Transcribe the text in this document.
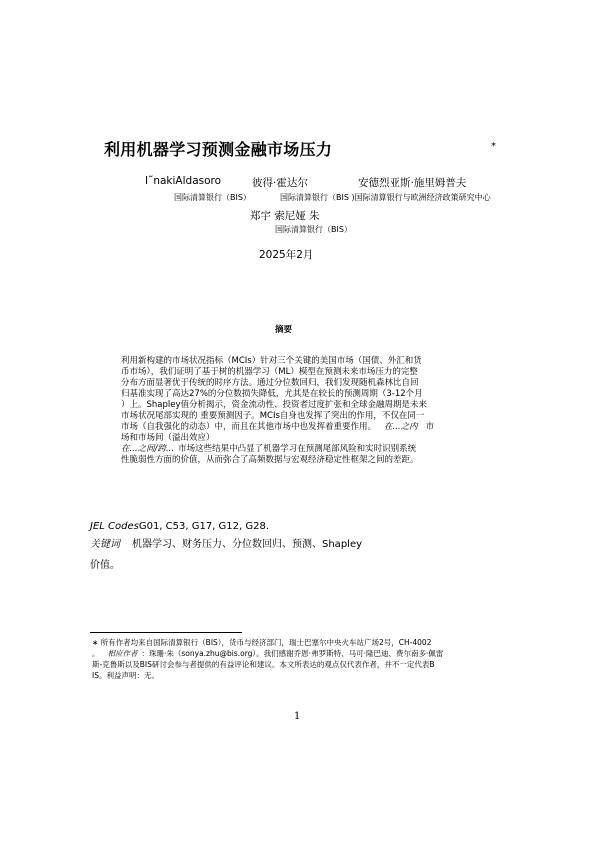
利用机器学习预测金融市场压力	*
I˜nakiAldasoro	彼得·霍达尔	安德烈亚斯·施里姆普夫
国际清算银行（BIS）	国际清算银行（BIS )国际清算银行与欧洲经济政策研究中心
郑宇 索尼娅 朱
国际清算银行（BIS）
2025年2月
摘要
利用新构建的市场状况指标（MCIs）针对三个关键的美国市场（国债、外汇和货
币市场），我们证明了基于树的机器学习（ML）模型在预测未来市场压力的完整
分布方面显著优于传统的时序方法。通过分位数回归，我们发现随机森林比自回
归基准实现了高达27%的分位数损失降低，尤其是在较长的预测周期（3-12个月
）上。Shapley值分析揭示，资金流动性、投资者过度扩张和全球金融周期是未来
市场状况尾部实现的 重要预测因子。MCIs自身也发挥了突出的作用，不仅在同一
市场（自我强化的动态）中，而且在其他市场中也发挥着重要作用。 在...之内 市
场和市场间（溢出效应）
在...之间/跨... 市场这些结果中凸显了机器学习在预测尾部风险和实时识别系统
性脆弱性方面的价值，从而弥合了高频数据与宏观经济稳定性框架之间的差距。
JEL CodesG01, C53, G17, G12, G28.
关键词 机器学习、财务压力、分位数回归、预测、Shapley
价值。
∗ 所有作者均来自国际清算银行（BIS），货币与经济部门，瑞士巴塞尔中央火车站广场2号，CH-4002
。 相应作者 ：珠珊·朱（sonya.zhu@bis.org）。我们感谢乔恩·弗罗斯特、马可·隆巴迪、费尔南多·佩雷
斯-克鲁斯以及BIS研讨会参与者提供的有益评论和建议。本文所表达的观点仅代表作者，并不一定代表B
IS。利益声明：无。
1
